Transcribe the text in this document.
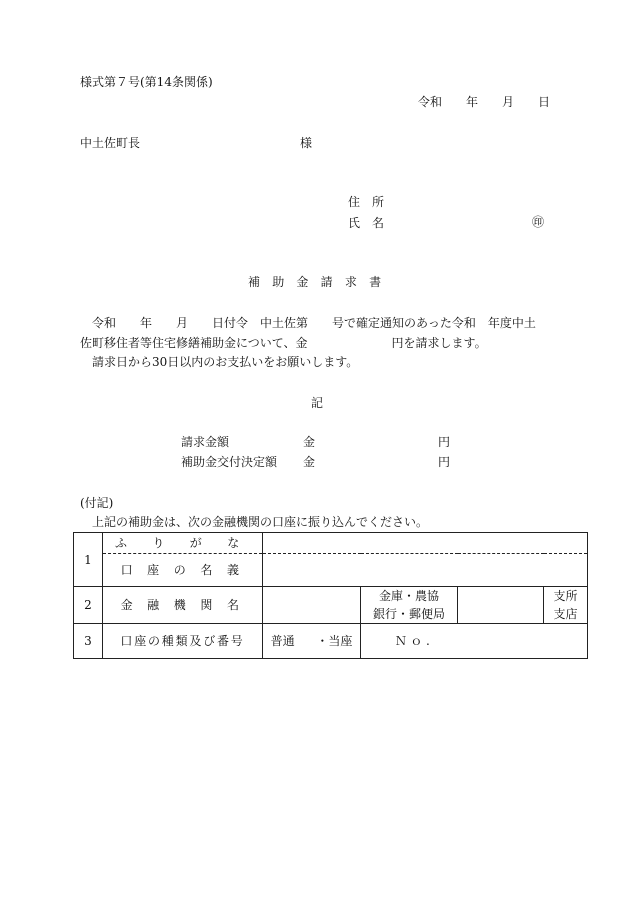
様式第７号(第14条関係)
令和　　年　　月　　日
中土佐町長	様
住　所
氏　名	㊞
補 助 金 請 求 書
令和　　年　　月　　日付令　中土佐第　　号で確定通知のあった令和　年度中土
佐町移住者等住宅修繕補助金について、金　　　　　　　円を請求します。
請求日から30日以内のお支払いをお願いします。
記
請求金額	金	円
補助金交付決定額 金	円
(付記)
上記の補助金は、次の金融機関の口座に振り込んでください。
1	ふ り が な				
	口 座 の 名 義				
2	金 融 機 関 名		金庫・農協		支所
			銀行・郵便局		支店
3	口座の種類及び番号	普通 ・当座	Ｎｏ.		
